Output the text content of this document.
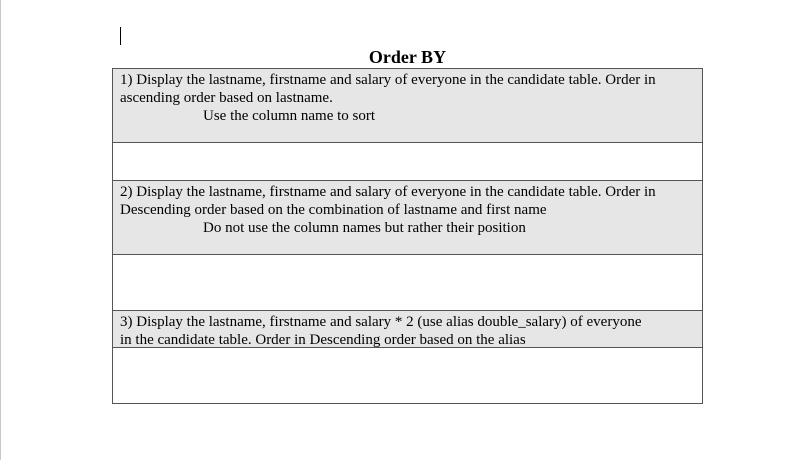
Order BY
1) Display the lastname, firstname and salary of everyone in the candidate table. Order in
ascending order based on lastname.
Use the column name to sort
2) Display the lastname, firstname and salary of everyone in the candidate table. Order in
Descending order based on the combination of lastname and first name
Do not use the column names but rather their position
3) Display the lastname, firstname and salary * 2 (use alias double_salary) of everyone
in the candidate table. Order in Descending order based on the alias
